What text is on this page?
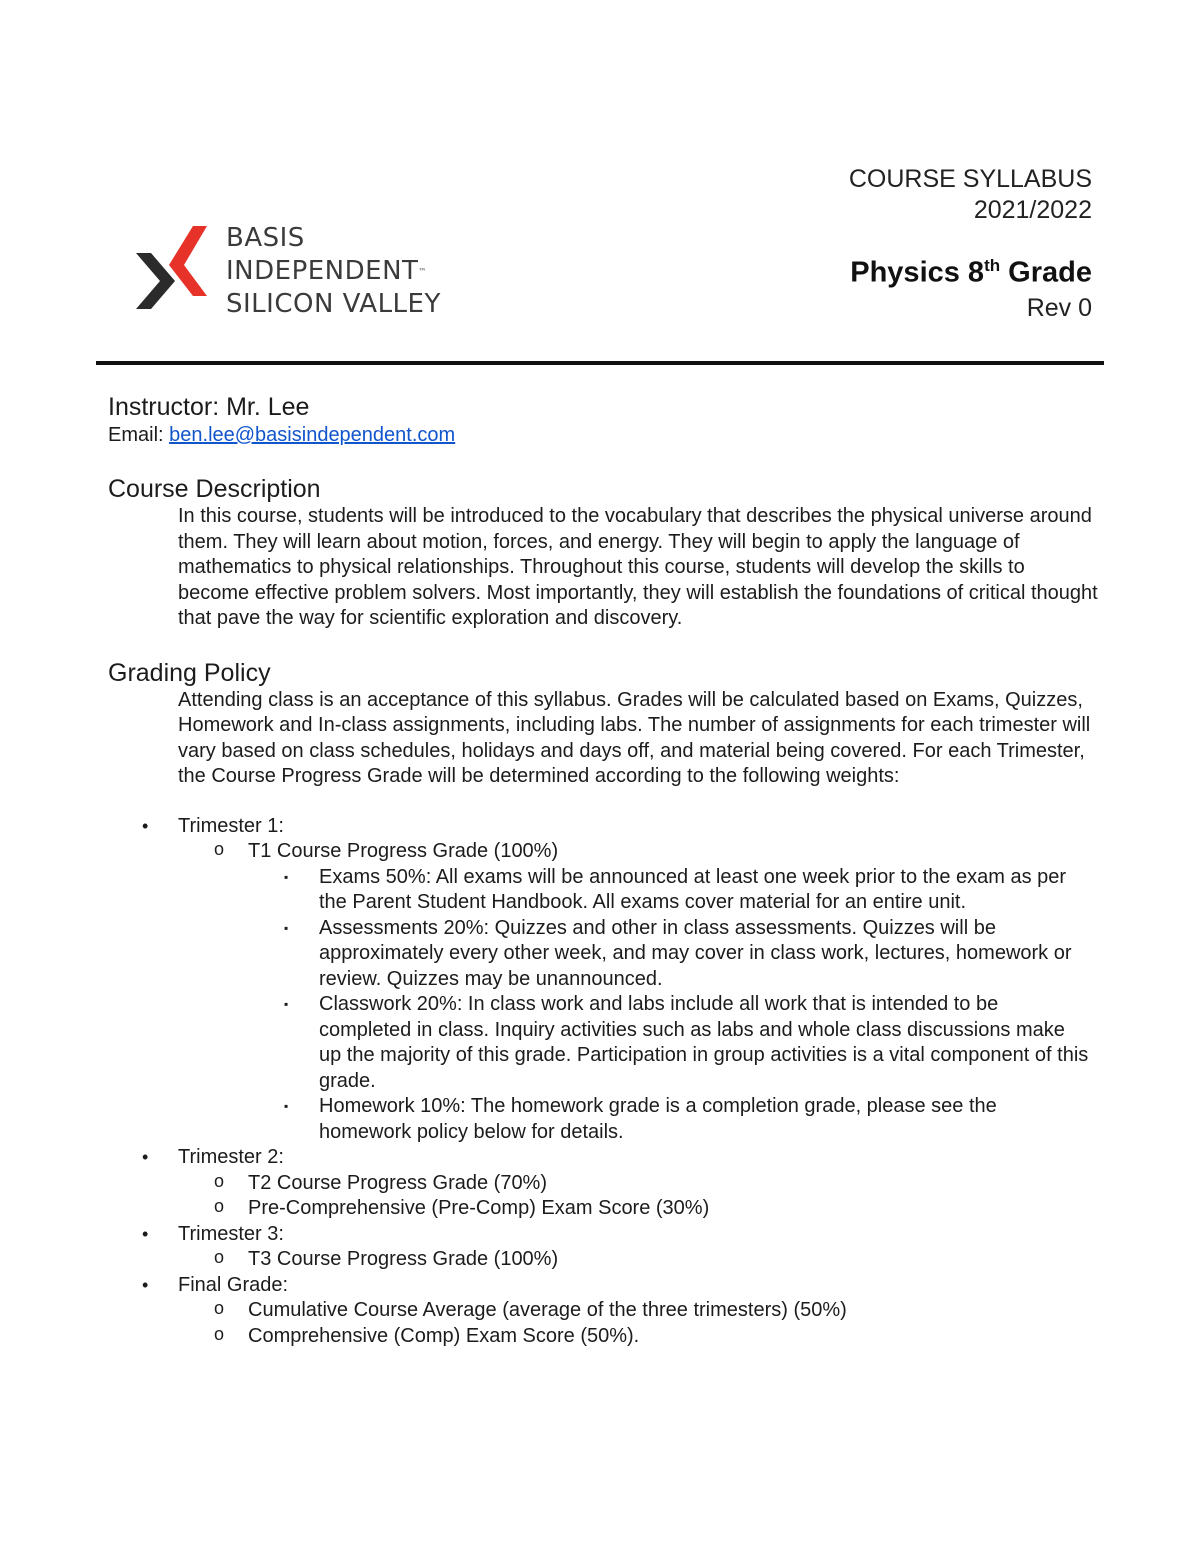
BASIS
INDEPENDENT™
SILICON VALLEY
COURSE SYLLABUS
2021/2022
Physics 8th Grade
Rev 0
Instructor: Mr. Lee
Email: ben.lee@basisindependent.com
Course Description
In this course, students will be introduced to the vocabulary that describes the physical universe around them. They will learn about motion, forces, and energy. They will begin to apply the language of mathematics to physical relationships. Throughout this course, students will develop the skills to become effective problem solvers. Most importantly, they will establish the foundations of critical thought that pave the way for scientific exploration and discovery.
Grading Policy
Attending class is an acceptance of this syllabus. Grades will be calculated based on Exams, Quizzes, Homework and In-class assignments, including labs. The number of assignments for each trimester will vary based on class schedules, holidays and days off, and material being covered. For each Trimester, the Course Progress Grade will be determined according to the following weights:
• Trimester 1:
o T1 Course Progress Grade (100%)
▪ Exams 50%: All exams will be announced at least one week prior to the exam as per the Parent Student Handbook. All exams cover material for an entire unit.
▪ Assessments 20%: Quizzes and other in class assessments. Quizzes will be approximately every other week, and may cover in class work, lectures, homework or review. Quizzes may be unannounced.
▪ Classwork 20%: In class work and labs include all work that is intended to be completed in class. Inquiry activities such as labs and whole class discussions make up the majority of this grade. Participation in group activities is a vital component of this grade.
▪ Homework 10%: The homework grade is a completion grade, please see the homework policy below for details.
• Trimester 2:
o T2 Course Progress Grade (70%)
o Pre-Comprehensive (Pre-Comp) Exam Score (30%)
• Trimester 3:
o T3 Course Progress Grade (100%)
• Final Grade:
o Cumulative Course Average (average of the three trimesters) (50%)
o Comprehensive (Comp) Exam Score (50%).
